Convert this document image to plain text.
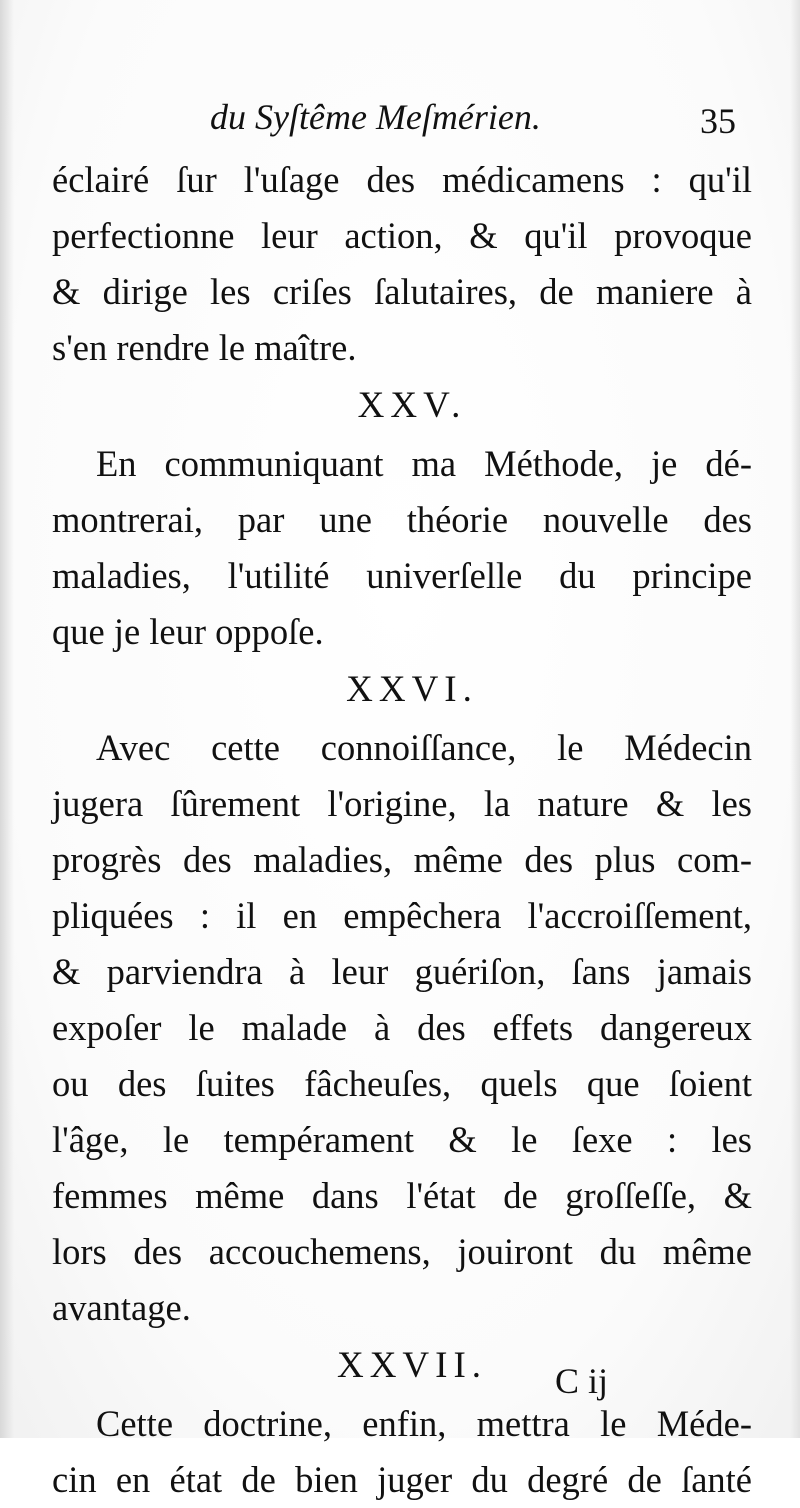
du Syſtême Meſmérien.	35
éclairé ſur l'uſage des médicamens : qu'il
perfectionne leur action, & qu'il provoque
& dirige les criſes ſalutaires, de maniere à
s'en rendre le maître.
XXV.
En communiquant ma Méthode, je dé-
montrerai, par une théorie nouvelle des
maladies, l'utilité univerſelle du principe
que je leur oppoſe.
XXVI.
Avec cette connoiſſance, le Médecin
jugera ſûrement l'origine, la nature & les
progrès des maladies, même des plus com-
pliquées : il en empêchera l'accroiſſement,
& parviendra à leur guériſon, ſans jamais
expoſer le malade à des effets dangereux
ou des ſuites fâcheuſes, quels que ſoient
l'âge, le tempérament & le ſexe : les
femmes même dans l'état de groſſeſſe, &
lors des accouchemens, jouiront du même
avantage.
XXVII.
Cette doctrine, enfin, mettra le Méde-
cin en état de bien juger du degré de ſanté
C ij
